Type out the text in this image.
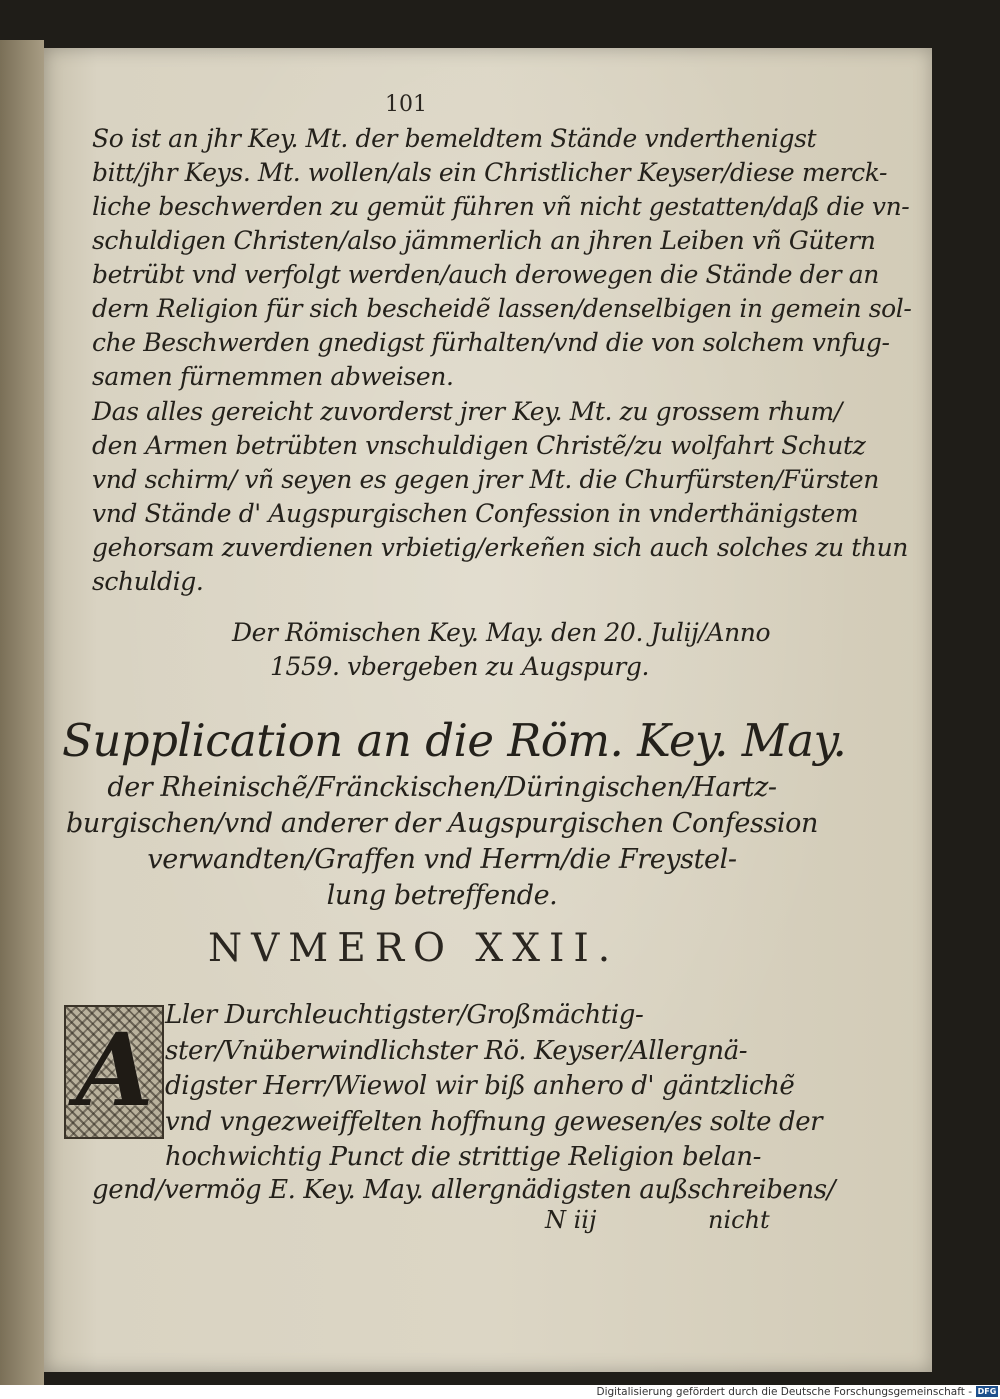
101
So ist an jhr Key. Mt. der bemeldtem Stände vnderthenigst
bitt/jhr Keys. Mt. wollen/als ein Christlicher Keyser/diese merck-
liche beschwerden zu gemüt führen vñ nicht gestatten/daß die vn-
schuldigen Christen/also jämmerlich an jhren Leiben vñ Gütern
betrübt vnd verfolgt werden/auch derowegen die Stände der an
dern Religion für sich bescheidẽ lassen/denselbigen in gemein sol-
che Beschwerden gnedigst fürhalten/vnd die von solchem vnfug-
samen fürnemmen abweisen.
Das alles gereicht zuvorderst jrer Key. Mt. zu grossem rhum/
den Armen betrübten vnschuldigen Christẽ/zu wolfahrt Schutz
vnd schirm/ vñ seyen es gegen jrer Mt. die Churfürsten/Fürsten
vnd Stände d' Augspurgischen Confession in vnderthänigstem
gehorsam zuverdienen vrbietig/erkeñen sich auch solches zu thun
schuldig.
Der Römischen Key. May. den 20. Julij/Anno
1559. vbergeben zu Augspurg.
Supplication an die Röm. Key. May.
der Rheinischẽ/Fränckischen/Düringischen/Hartz-
burgischen/vnd anderer der Augspurgischen Confession
verwandten/Graffen vnd Herrn/die Freystel-
lung betreffende.
NVMERO XXII.
A Ller Durchleuchtigster/Großmächtig-
ster/Vnüberwindlichster Rö. Keyser/Allergnä-
digster Herr/Wiewol wir biß anhero d' gäntzlichẽ
vnd vngezweiffelten hoffnung gewesen/es solte der
hochwichtig Punct die strittige Religion belan-
gend/vermög E. Key. May. allergnädigsten außschreibens/
N iij	nicht
Digitalisierung gefördert durch die Deutsche Forschungsgemeinschaft - DFG
